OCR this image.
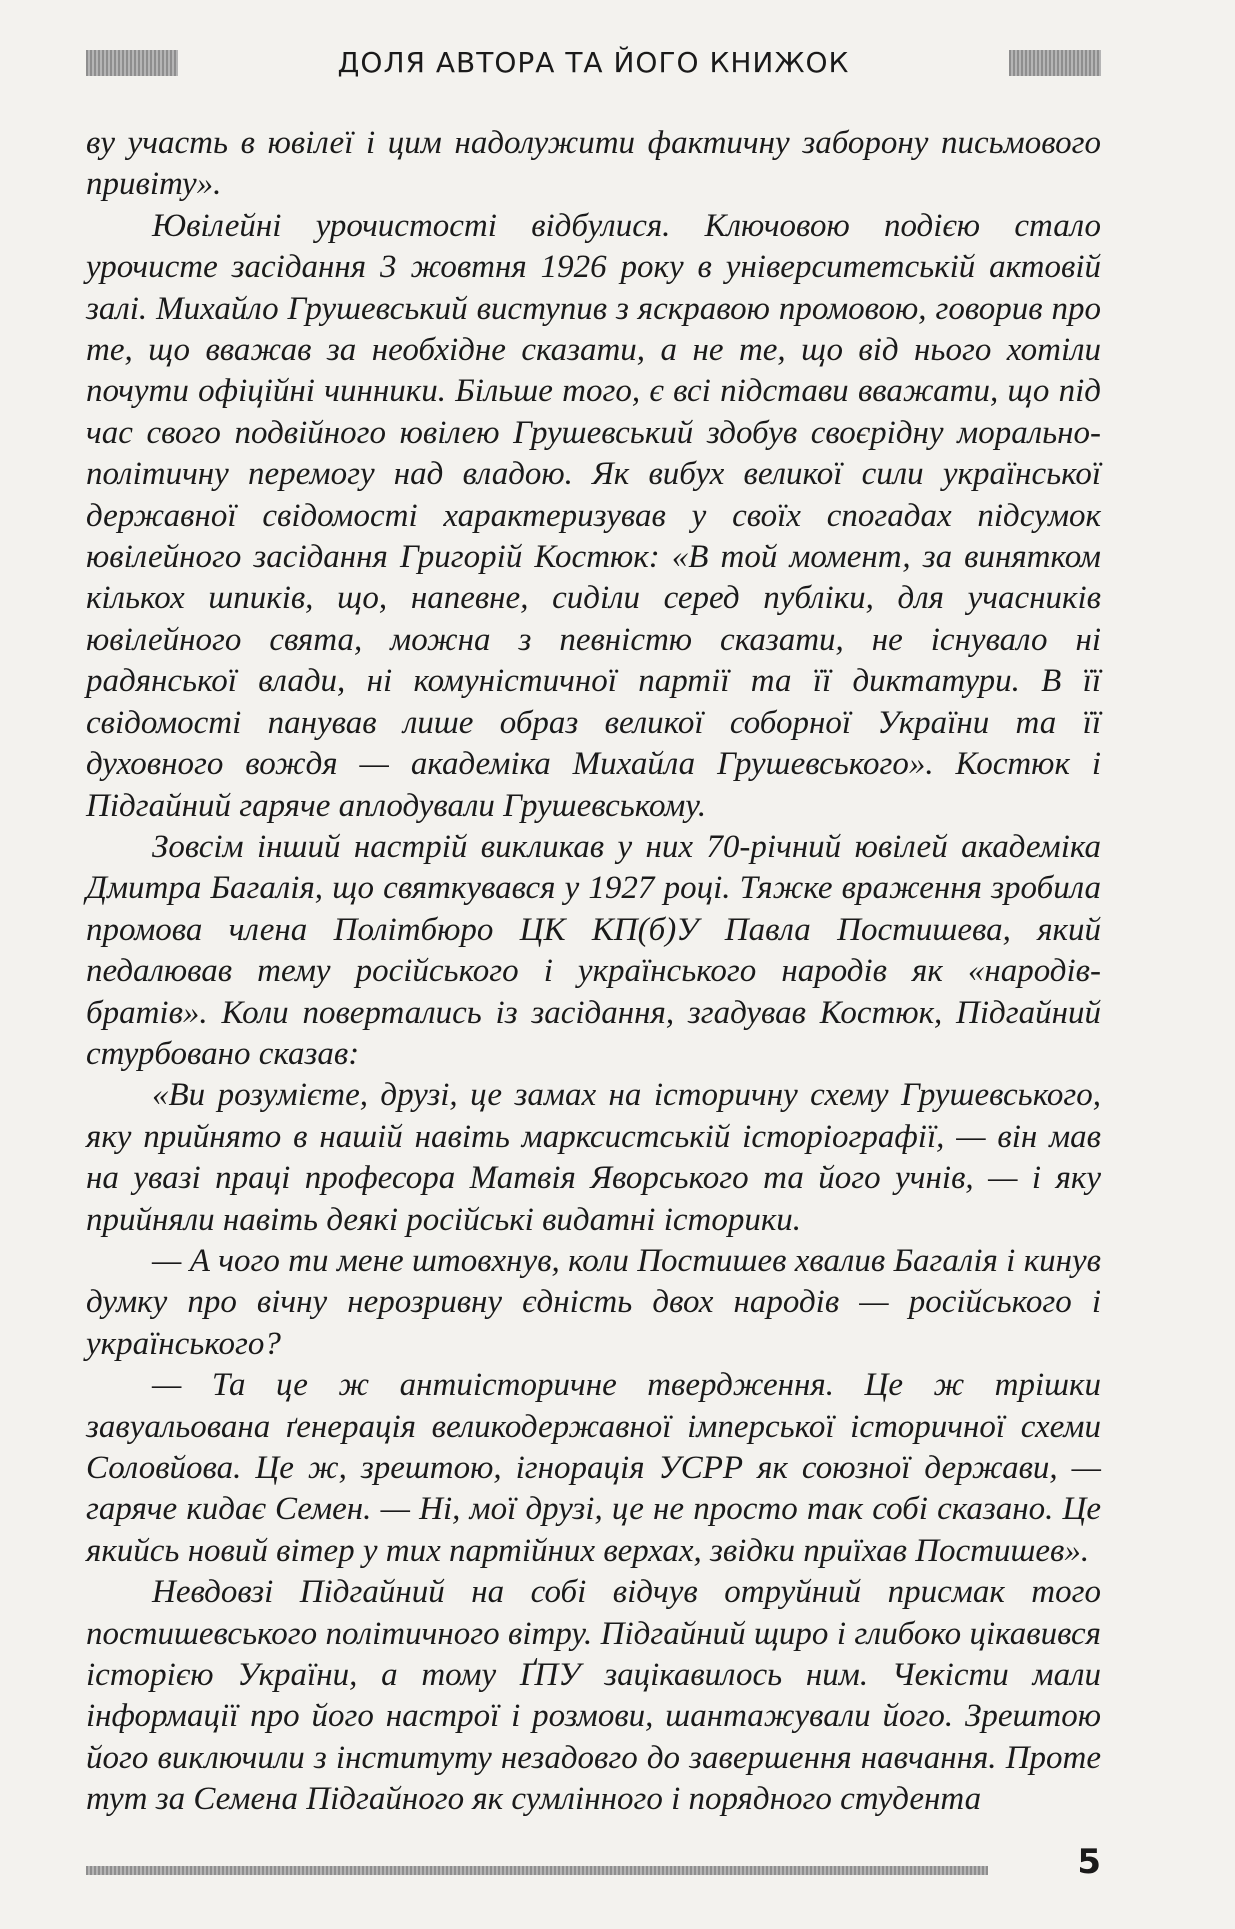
ДОЛЯ АВТОРА ТА ЙОГО КНИЖОК

ву участь в ювілеї і цим надолужити фактичну заборону письмового привіту».

Ювілейні урочистості відбулися. Ключовою подією стало урочисте засідання 3 жовтня 1926 року в університетській актовій залі. Михайло Грушевський виступив з яскравою промовою, говорив про те, що вважав за необхідне сказати, а не те, що від нього хотіли почути офіційні чинники. Більше того, є всі підстави вважати, що під час свого подвійного ювілею Грушевський здобув своєрідну морально-політичну перемогу над владою. Як вибух великої сили української державної свідомості характеризував у своїх спогадах підсумок ювілейного засідання Григорій Костюк: «В той момент, за винятком кількох шпиків, що, напевне, сиділи серед публіки, для учасників ювілейного свята, можна з певністю сказати, не існувало ні радянської влади, ні комуністичної партії та її диктатури. В її свідомості панував лише образ великої соборної України та її духовного вождя — академіка Михайла Грушевського». Костюк і Підгайний гаряче аплодували Грушевському.

Зовсім інший настрій викликав у них 70-річний ювілей академіка Дмитра Багалія, що святкувався у 1927 році. Тяжке враження зробила промова члена Політбюро ЦК КП(б)У Павла Постишева, який педалював тему російського і українського народів як «народів-братів». Коли повертались із засідання, згадував Костюк, Підгайний стурбовано сказав:

«Ви розумієте, друзі, це замах на історичну схему Грушевського, яку прийнято в нашій навіть марксистській історіографії, — він мав на увазі праці професора Матвія Яворського та його учнів, — і яку прийняли навіть деякі російські видатні історики.

— А чого ти мене штовхнув, коли Постишев хвалив Багалія і кинув думку про вічну нерозривну єдність двох народів — російського і українського?

— Та це ж антиісторичне твердження. Це ж трішки завуальована ґенерація великодержавної імперської історичної схеми Соловйова. Це ж, зрештою, ігнорація УСРР як союзної держави, — гаряче кидає Семен. — Ні, мої друзі, це не просто так собі сказано. Це якийсь новий вітер у тих партійних верхах, звідки приїхав Постишев».

Невдовзі Підгайний на собі відчув отруйний присмак того постишевського політичного вітру. Підгайний щиро і глибоко цікавився історією України, а тому ҐПУ зацікавилось ним. Чекісти мали інформації про його настрої і розмови, шантажували його. Зрештою його виключили з інституту незадовго до завершення навчання. Проте тут за Семена Підгайного як сумлінного і порядного студента

5
